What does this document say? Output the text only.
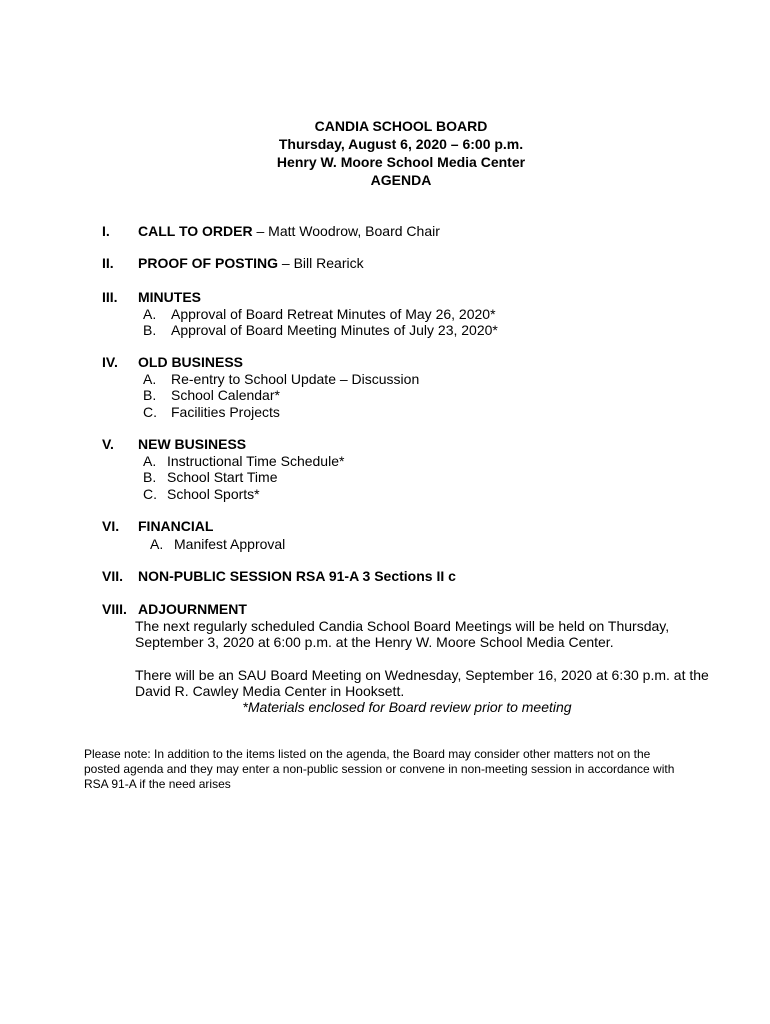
CANDIA SCHOOL BOARD
Thursday, August 6, 2020 – 6:00 p.m.
Henry W. Moore School Media Center
AGENDA
I. CALL TO ORDER – Matt Woodrow, Board Chair
II. PROOF OF POSTING – Bill Rearick
III. MINUTES
A. Approval of Board Retreat Minutes of May 26, 2020*
B. Approval of Board Meeting Minutes of July 23, 2020*
IV. OLD BUSINESS
A. Re-entry to School Update – Discussion
B. School Calendar*
C. Facilities Projects
V. NEW BUSINESS
A. Instructional Time Schedule*
B. School Start Time
C. School Sports*
VI. FINANCIAL
A. Manifest Approval
VII. NON-PUBLIC SESSION RSA 91-A 3 Sections II c
VIII. ADJOURNMENT
The next regularly scheduled Candia School Board Meetings will be held on Thursday,
September 3, 2020 at 6:00 p.m. at the Henry W. Moore School Media Center.
There will be an SAU Board Meeting on Wednesday, September 16, 2020 at 6:30 p.m. at the
David R. Cawley Media Center in Hooksett.
*Materials enclosed for Board review prior to meeting
Please note: In addition to the items listed on the agenda, the Board may consider other matters not on the
posted agenda and they may enter a non-public session or convene in non-meeting session in accordance with
RSA 91-A if the need arises
